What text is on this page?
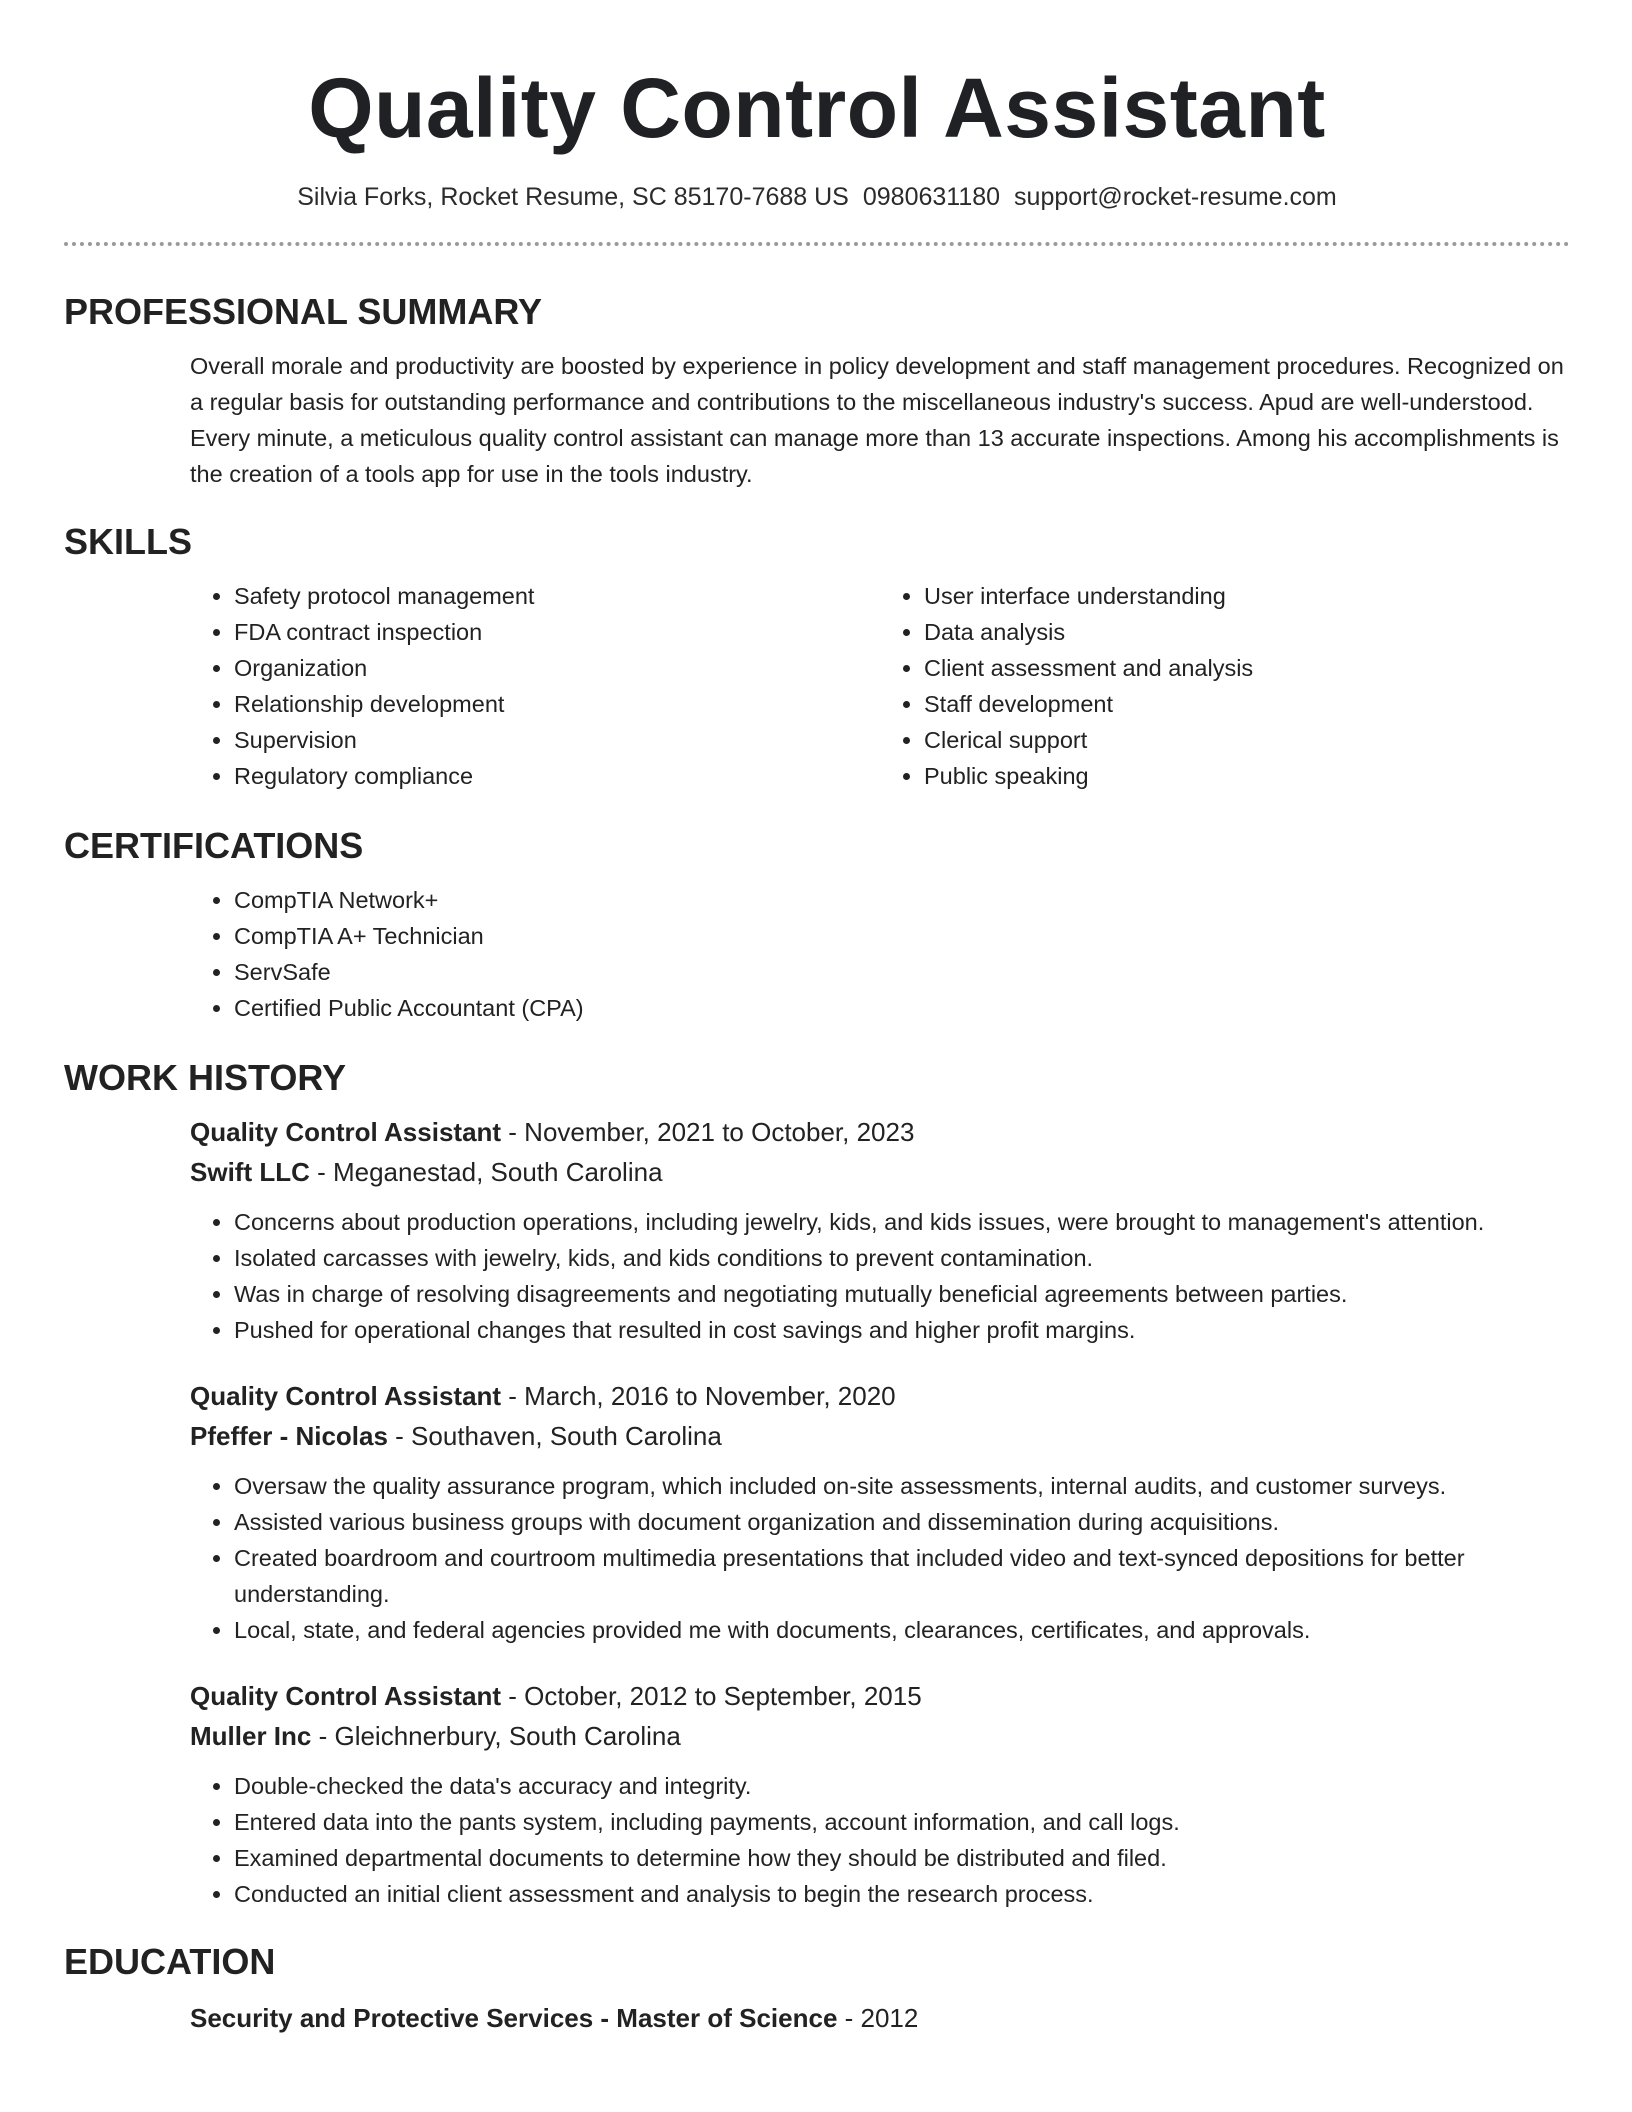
Quality Control Assistant
Silvia Forks, Rocket Resume, SC 85170-7688 US 0980631180 support@rocket-resume.com
PROFESSIONAL SUMMARY
Overall morale and productivity are boosted by experience in policy development and staff management procedures. Recognized on a regular basis for outstanding performance and contributions to the miscellaneous industry's success. Apud are well-understood. Every minute, a meticulous quality control assistant can manage more than 13 accurate inspections. Among his accomplishments is the creation of a tools app for use in the tools industry.
SKILLS
• Safety protocol management
• FDA contract inspection
• Organization
• Relationship development
• Supervision
• Regulatory compliance
• User interface understanding
• Data analysis
• Client assessment and analysis
• Staff development
• Clerical support
• Public speaking
CERTIFICATIONS
• CompTIA Network+
• CompTIA A+ Technician
• ServSafe
• Certified Public Accountant (CPA)
WORK HISTORY
Quality Control Assistant - November, 2021 to October, 2023
Swift LLC - Meganestad, South Carolina
• Concerns about production operations, including jewelry, kids, and kids issues, were brought to management's attention.
• Isolated carcasses with jewelry, kids, and kids conditions to prevent contamination.
• Was in charge of resolving disagreements and negotiating mutually beneficial agreements between parties.
• Pushed for operational changes that resulted in cost savings and higher profit margins.
Quality Control Assistant - March, 2016 to November, 2020
Pfeffer - Nicolas - Southaven, South Carolina
• Oversaw the quality assurance program, which included on-site assessments, internal audits, and customer surveys.
• Assisted various business groups with document organization and dissemination during acquisitions.
• Created boardroom and courtroom multimedia presentations that included video and text-synced depositions for better understanding.
• Local, state, and federal agencies provided me with documents, clearances, certificates, and approvals.
Quality Control Assistant - October, 2012 to September, 2015
Muller Inc - Gleichnerbury, South Carolina
• Double-checked the data's accuracy and integrity.
• Entered data into the pants system, including payments, account information, and call logs.
• Examined departmental documents to determine how they should be distributed and filed.
• Conducted an initial client assessment and analysis to begin the research process.
EDUCATION
Security and Protective Services - Master of Science - 2012
